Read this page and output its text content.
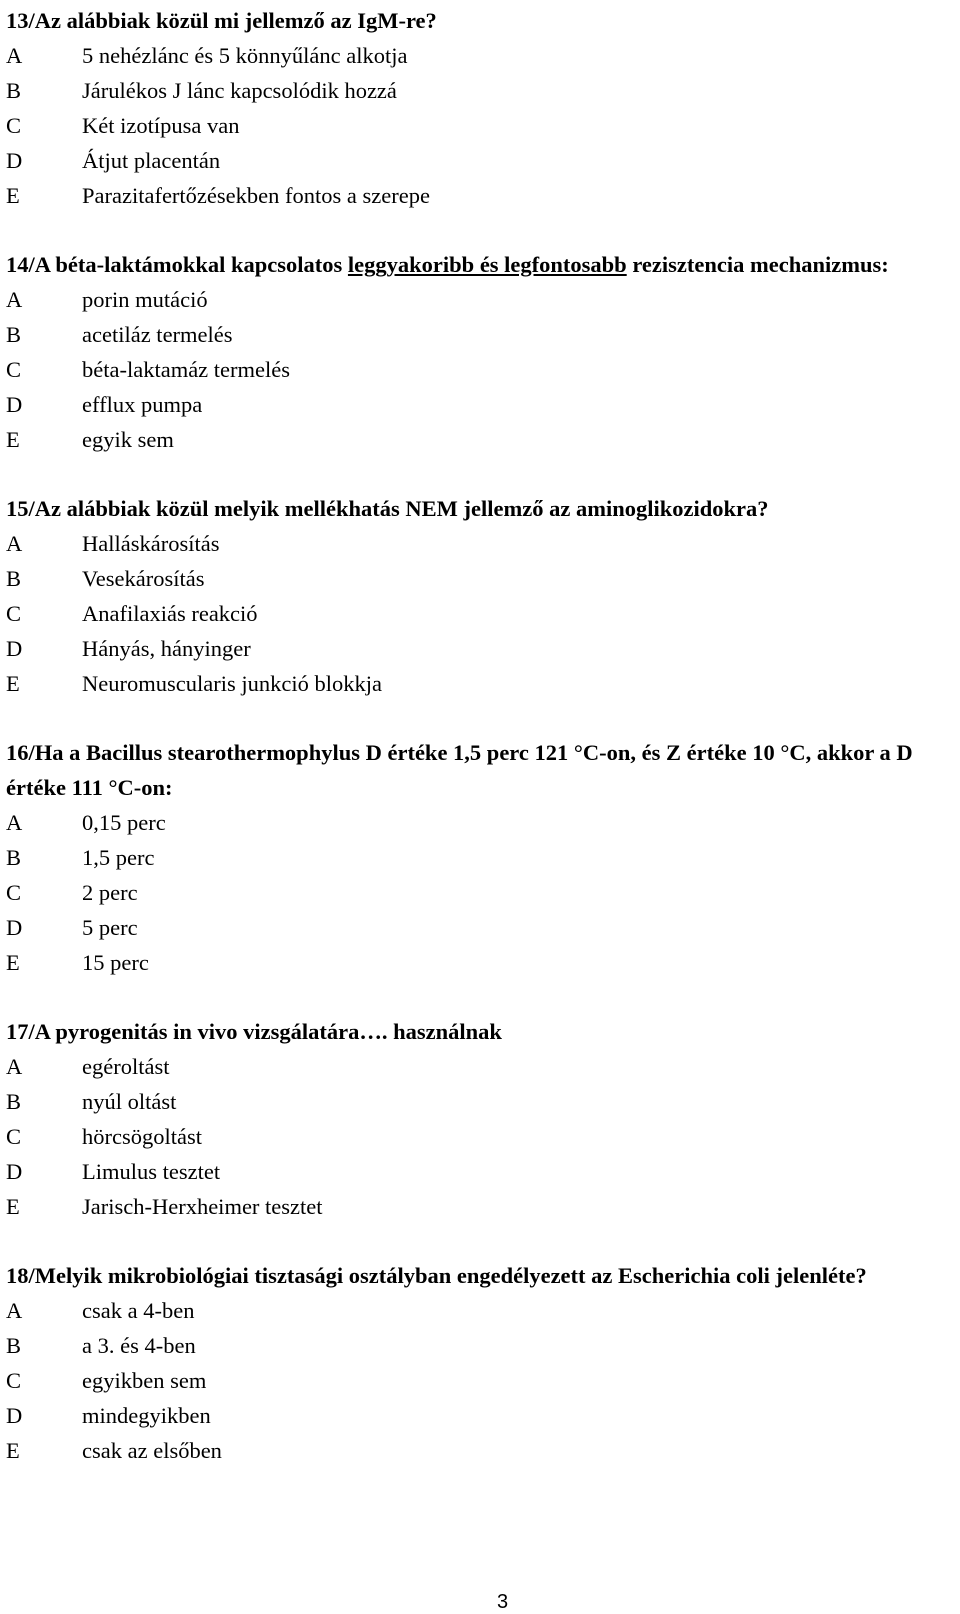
13/Az alábbiak közül mi jellemző az IgM-re?

A	5 nehézlánc és 5 könnyűlánc alkotja
B	Járulékos J lánc kapcsolódik hozzá
C	Két izotípusa van
D	Átjut placentán
E	Parazitafertőzésekben fontos a szerepe

14/A béta-laktámokkal kapcsolatos leggyakoribb és legfontosabb rezisztencia mechanizmus:

A	porin mutáció
B	acetiláz termelés
C	béta-laktamáz termelés
D	efflux pumpa
E	egyik sem

15/Az alábbiak közül melyik mellékhatás NEM jellemző az aminoglikozidokra?

A	Halláskárosítás
B	Vesekárosítás
C	Anafilaxiás reakció
D	Hányás, hányinger
E	Neuromuscularis junkció blokkja

16/Ha a Bacillus stearothermophylus D értéke 1,5 perc 121 °C-on, és Z értéke 10 °C, akkor a D értéke 111 °C-on:

A	0,15 perc
B	1,5 perc
C	2 perc
D	5 perc
E	15 perc

17/A pyrogenitás in vivo vizsgálatára…. használnak

A	egéroltást
B	nyúl oltást
C	hörcsögoltást
D	Limulus tesztet
E	Jarisch-Herxheimer tesztet

18/Melyik mikrobiológiai tisztasági osztályban engedélyezett az Escherichia coli jelenléte?

A	csak a 4-ben
B	a 3. és 4-ben
C	egyikben sem
D	mindegyikben
E	csak az elsőben
3
